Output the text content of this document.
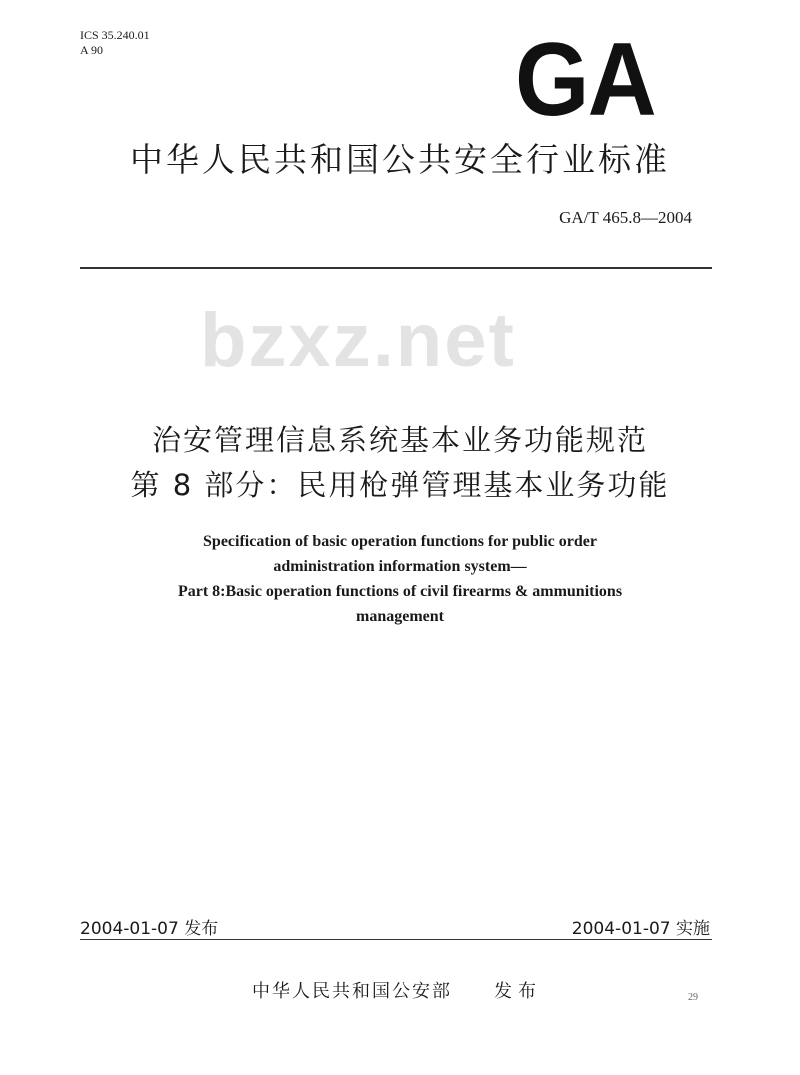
ICS 35.240.01
A 90	GA
bzxz.net
中华人民共和国公共安全行业标准
GA/T 465.8—2004
治安管理信息系统基本业务功能规范
第 8 部分：民用枪弹管理基本业务功能
Specification of basic operation functions for public order
administration information system—
Part 8:Basic operation functions of civil firearms & ammunitions
management
2004-01-07 发布	2004-01-07 实施
中华人民共和国公安部 发布	29
